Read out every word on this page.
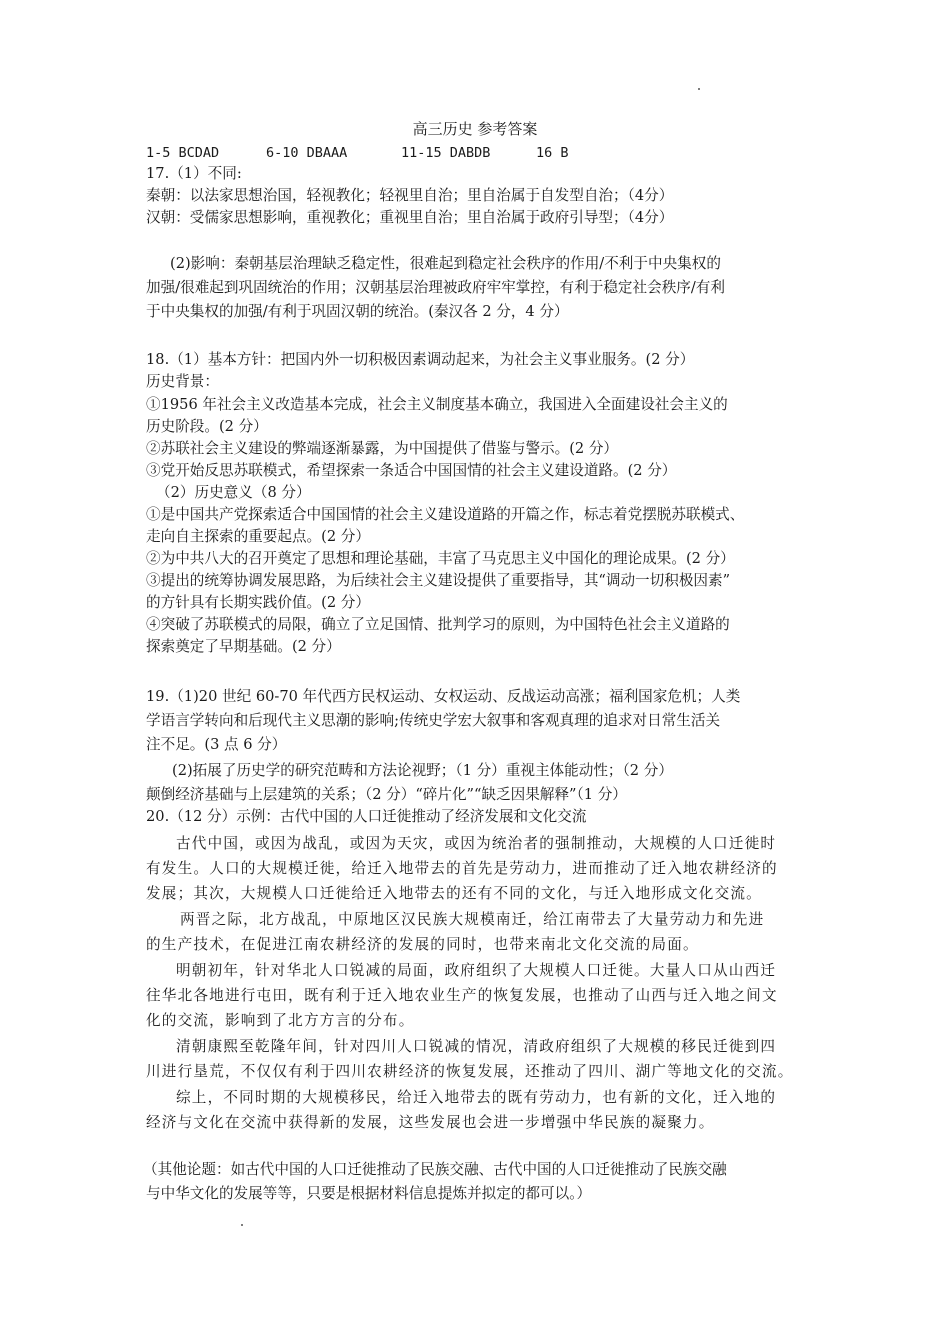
高三历史 参考答案
1-5 BCDAD	6-10 DBAAA	11-15 DABDB	16 B
17.（1）不同:
秦朝：以法家思想治国，轻视教化；轻视里自治；里自治属于自发型自治；（4分）
汉朝：受儒家思想影响，重视教化；重视里自治；里自治属于政府引导型；（4分）
(2)影响：秦朝基层治理缺乏稳定性，很难起到稳定社会秩序的作用/不利于中央集权的
加强/很难起到巩固统治的作用；汉朝基层治理被政府牢牢掌控，有利于稳定社会秩序/有利
于中央集权的加强/有利于巩固汉朝的统治。(秦汉各 2 分，4 分）
18.（1）基本方针：把国内外一切积极因素调动起来，为社会主义事业服务。(2 分）
历史背景：
①1956 年社会主义改造基本完成，社会主义制度基本确立，我国进入全面建设社会主义的
历史阶段。(2 分）
②苏联社会主义建设的弊端逐渐暴露，为中国提供了借鉴与警示。(2 分）
③党开始反思苏联模式，希望探索一条适合中国国情的社会主义建设道路。(2 分）
（2）历史意义（8 分）
①是中国共产党探索适合中国国情的社会主义建设道路的开篇之作，标志着党摆脱苏联模式、
走向自主探索的重要起点。(2 分）
②为中共八大的召开奠定了思想和理论基础，丰富了马克思主义中国化的理论成果。(2 分）
③提出的统筹协调发展思路，为后续社会主义建设提供了重要指导，其“调动一切积极因素”
的方针具有长期实践价值。(2 分）
④突破了苏联模式的局限，确立了立足国情、批判学习的原则，为中国特色社会主义道路的
探索奠定了早期基础。(2 分）
19.（1)20 世纪 60-70 年代西方民权运动、女权运动、反战运动高涨；福利国家危机；人类
学语言学转向和后现代主义思潮的影响;传统史学宏大叙事和客观真理的追求对日常生活关
注不足。(3 点 6 分）
(2)拓展了历史学的研究范畴和方法论视野；（1 分）重视主体能动性；（2 分）
颠倒经济基础与上层建筑的关系；（2 分）“碎片化”“缺乏因果解释”（1 分）
20.（12 分）示例：古代中国的人口迁徙推动了经济发展和文化交流
古代中国，或因为战乱，或因为天灾，或因为统治者的强制推动，大规模的人口迁徙时
有发生。人口的大规模迁徙，给迁入地带去的首先是劳动力，进而推动了迁入地农耕经济的
发展；其次，大规模人口迁徙给迁入地带去的还有不同的文化，与迁入地形成文化交流。
两晋之际，北方战乱，中原地区汉民族大规模南迁，给江南带去了大量劳动力和先进
的生产技术，在促进江南农耕经济的发展的同时，也带来南北文化交流的局面。
明朝初年，针对华北人口锐减的局面，政府组织了大规模人口迁徙。大量人口从山西迁
往华北各地进行屯田，既有利于迁入地农业生产的恢复发展，也推动了山西与迁入地之间文
化的交流，影响到了北方方言的分布。
清朝康熙至乾隆年间，针对四川人口锐减的情况，清政府组织了大规模的移民迁徙到四
川进行垦荒，不仅仅有利于四川农耕经济的恢复发展，还推动了四川、湖广等地文化的交流。
综上，不同时期的大规模移民，给迁入地带去的既有劳动力，也有新的文化，迁入地的
经济与文化在交流中获得新的发展，这些发展也会进一步增强中华民族的凝聚力。
（其他论题：如古代中国的人口迁徙推动了民族交融、古代中国的人口迁徙推动了民族交融
与中华文化的发展等等，只要是根据材料信息提炼并拟定的都可以。）
